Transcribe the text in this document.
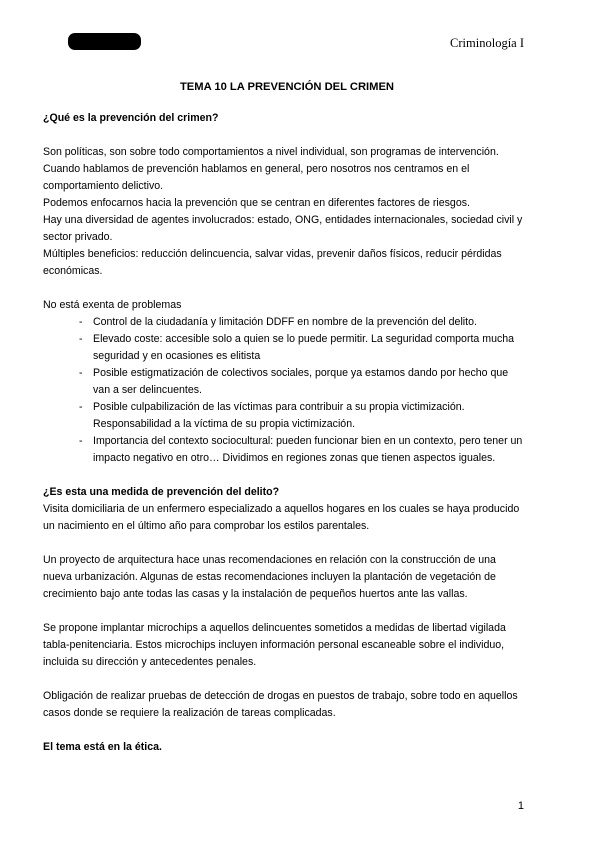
Criminología I
TEMA 10 LA PREVENCIÓN DEL CRIMEN

¿Qué es la prevención del crimen?

Son políticas, son sobre todo comportamientos a nivel individual, son programas de intervención.

Cuando hablamos de prevención hablamos en general, pero nosotros nos centramos en el comportamiento delictivo.

Podemos enfocarnos hacia la prevención que se centran en diferentes factores de riesgos.

Hay una diversidad de agentes involucrados: estado, ONG, entidades internacionales, sociedad civil y sector privado.

Múltiples beneficios: reducción delincuencia, salvar vidas, prevenir daños físicos, reducir pérdidas económicas.

No está exenta de problemas

- Control de la ciudadanía y limitación DDFF en nombre de la prevención del delito.
- Elevado coste: accesible solo a quien se lo puede permitir. La seguridad comporta mucha seguridad y en ocasiones es elitista
- Posible estigmatización de colectivos sociales, porque ya estamos dando por hecho que van a ser delincuentes.
- Posible culpabilización de las víctimas para contribuir a su propia victimización. Responsabilidad a la víctima de su propia victimización.
- Importancia del contexto sociocultural: pueden funcionar bien en un contexto, pero tener un impacto negativo en otro… Dividimos en regiones zonas que tienen aspectos iguales.

¿Es esta una medida de prevención del delito?

Visita domiciliaria de un enfermero especializado a aquellos hogares en los cuales se haya producido un nacimiento en el último año para comprobar los estilos parentales.

Un proyecto de arquitectura hace unas recomendaciones en relación con la construcción de una nueva urbanización. Algunas de estas recomendaciones incluyen la plantación de vegetación de crecimiento bajo ante todas las casas y la instalación de pequeños huertos ante las vallas.

Se propone implantar microchips a aquellos delincuentes sometidos a medidas de libertad vigilada tabla-penitenciaria. Estos microchips incluyen información personal escaneable sobre el individuo, incluida su dirección y antecedentes penales.

Obligación de realizar pruebas de detección de drogas en puestos de trabajo, sobre todo en aquellos casos donde se requiere la realización de tareas complicadas.

El tema está en la ética.

1
